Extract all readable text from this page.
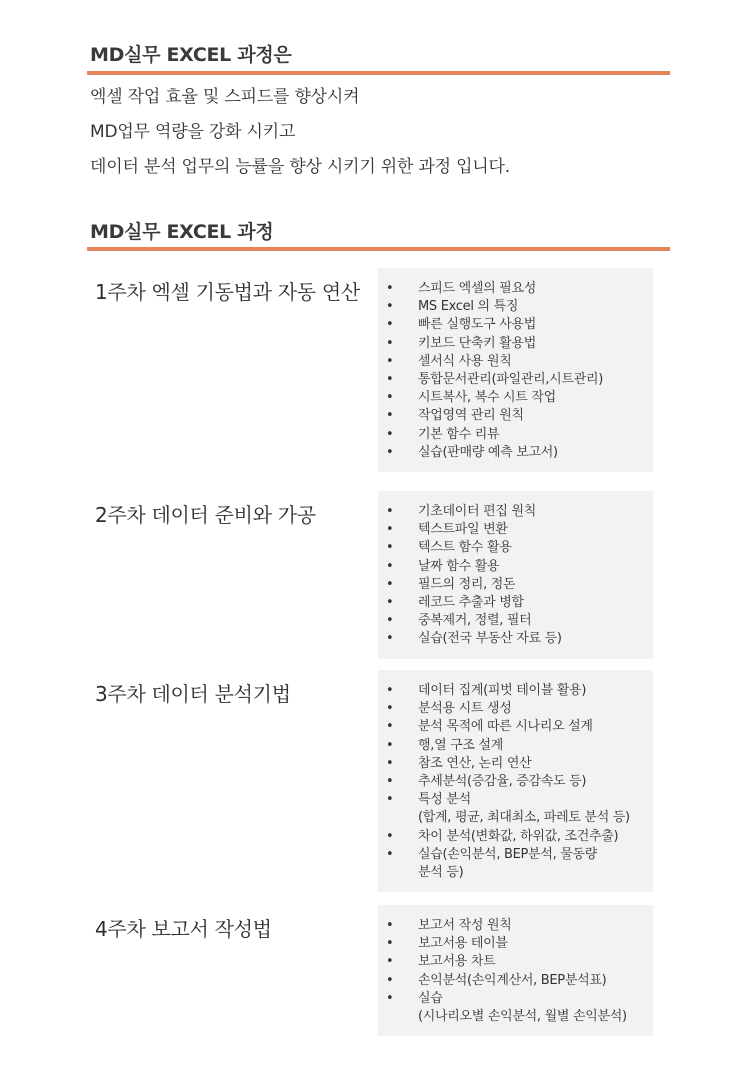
MD실무 EXCEL 과정은
엑셀 작업 효율 및 스피드를 향상시켜
MD업무 역량을 강화 시키고
데이터 분석 업무의 능률을 향상 시키기 위한 과정 입니다.
MD실무 EXCEL 과정
1주차 엑셀 기동법과 자동 연산	• 스피드 엑셀의 필요성
• MS Excel 의 특징
• 빠른 실행도구 사용법
• 키보드 단축키 활용법
• 셀서식 사용 원칙
• 통합문서관리(파일관리,시트관리)
• 시트복사, 복수 시트 작업
• 작업영역 관리 원칙
• 기본 함수 리뷰
• 실습(판매량 예측 보고서)
2주차 데이터 준비와 가공	• 기초데이터 편집 원칙
• 텍스트파일 변환
• 텍스트 함수 활용
• 날짜 함수 활용
• 필드의 정리, 정돈
• 레코드 추출과 병합
• 중복제거, 정렬, 필터
• 실습(전국 부동산 자료 등)
3주차 데이터 분석기법	• 데이터 집계(피벗 테이블 활용)
• 분석용 시트 생성
• 분석 목적에 따른 시나리오 설계
• 행,열 구조 설계
• 참조 연산, 논리 연산
• 추세분석(증감율, 증감속도 등)
• 특성 분석
(합계, 평균, 최대최소, 파레토 분석 등)
• 차이 분석(변화값, 하위값, 조건추출)
• 실습(손익분석, BEP분석, 물동량
분석 등)
4주차 보고서 작성법	• 보고서 작성 원칙
• 보고서용 테이블
• 보고서용 차트
• 손익분석(손익계산서, BEP분석표)
• 실습
(시나리오별 손익분석, 월별 손익분석)
